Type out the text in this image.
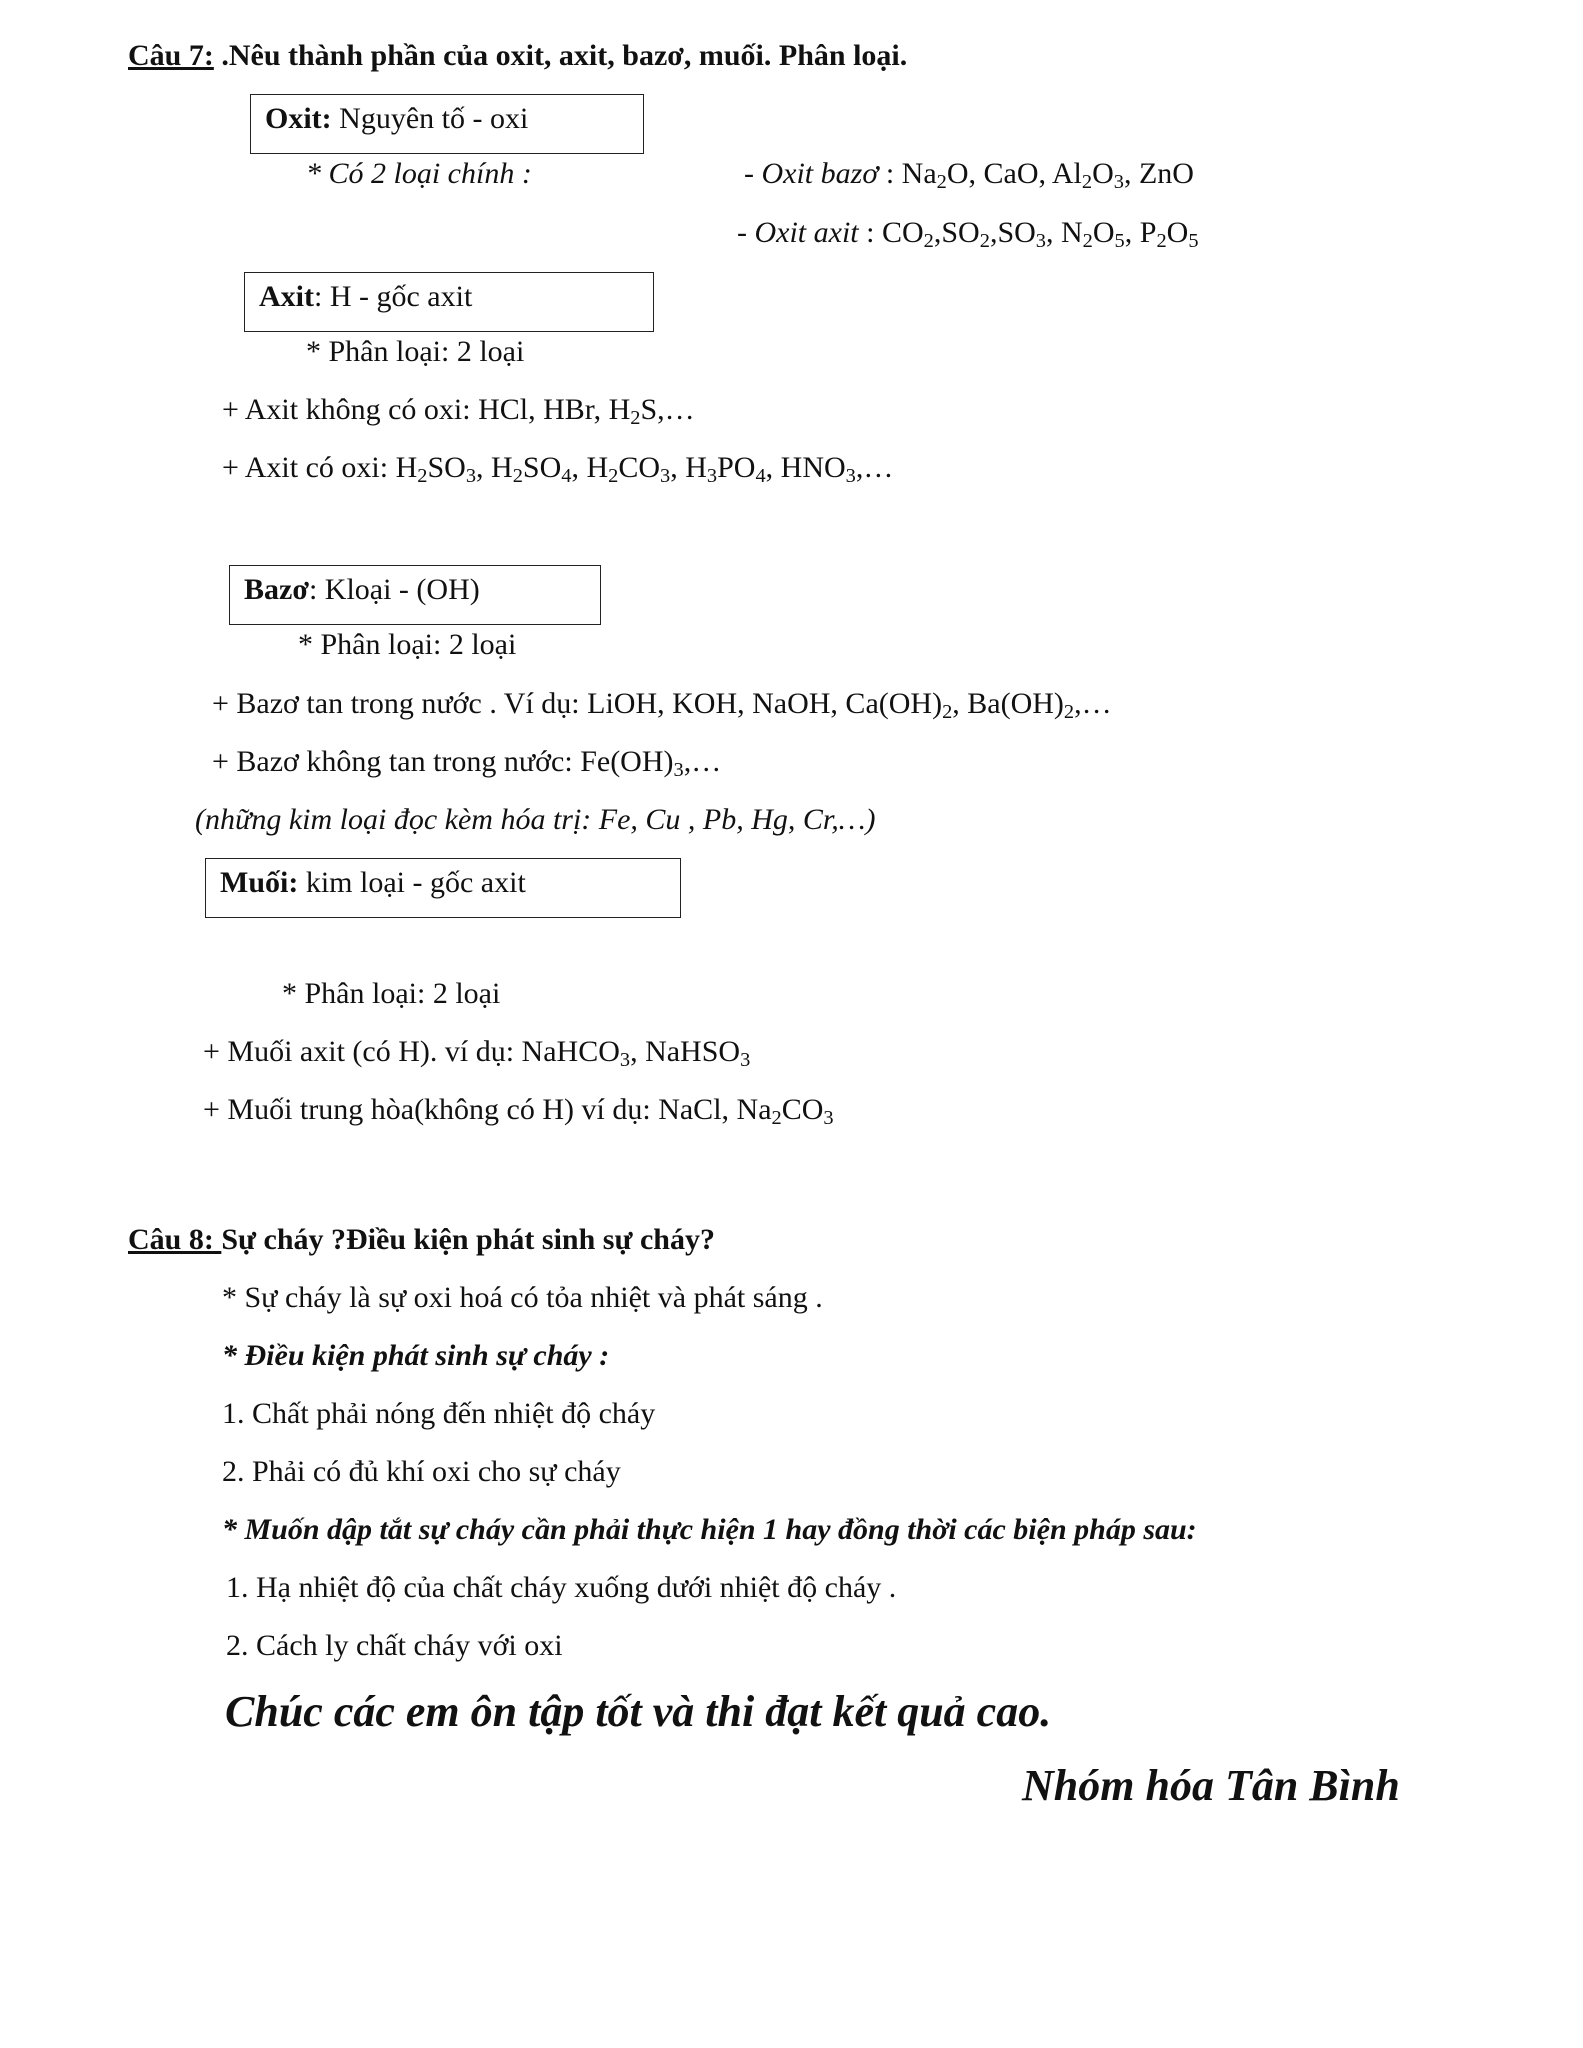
Câu 7: .Nêu thành phần của oxit, axit, bazơ, muối. Phân loại.
Oxit: Nguyên tố - oxi
* Có 2 loại chính :	- Oxit bazơ : $Na_2O$, CaO, $Al_2O_3$, ZnO
- Oxit axit : $CO_2,SO_2,SO_3$, $N_2O_5$, $P_2O_5$
Axit: H - gốc axit
* Phân loại: 2 loại
+ Axit không có oxi: HCl, HBr, $H_2S,\dots$
+ Axit có oxi: $H_2SO_3$, $H_2SO_4$, $H_2CO_3$, $H_3PO_4$, $HNO_3,\dots$
Bazơ: Kloại - (OH)
* Phân loại: 2 loại
+ Bazơ tan trong nước . Ví dụ: LiOH, KOH, NaOH, $Ca(OH)_2$, $Ba(OH)_2,\dots$
+ Bazơ không tan trong nước: $Fe(OH)_3,\dots$
(những kim loại đọc kèm hóa trị: Fe, Cu , Pb, Hg, Cr,…)
Muối: kim loại - gốc axit
* Phân loại: 2 loại
+ Muối axit (có H). ví dụ: NaHCO$_3$, NaHSO$_3$
+ Muối trung hòa(không có H) ví dụ: NaCl, $Na_2CO_3$
Câu 8: Sự cháy ?Điều kiện phát sinh sự cháy?
* Sự cháy là sự oxi hoá có tỏa nhiệt và phát sáng .
* Điều kiện phát sinh sự cháy :
1. Chất phải nóng đến nhiệt độ cháy
2. Phải có đủ khí oxi cho sự cháy
* Muốn dập tắt sự cháy cần phải thực hiện 1 hay đồng thời các biện pháp sau:
1. Hạ nhiệt độ của chất cháy xuống dưới nhiệt độ cháy .
2. Cách ly chất cháy với oxi
Chúc các em ôn tập tốt và thi đạt kết quả cao.
Nhóm hóa Tân Bình
